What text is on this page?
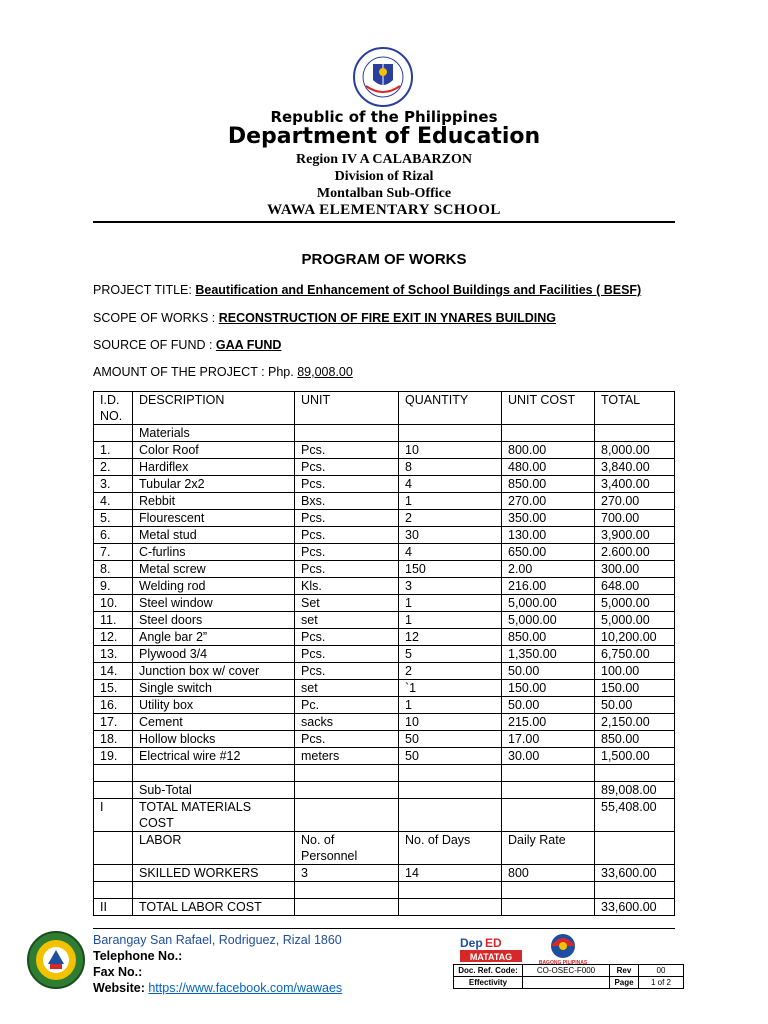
Republic of the Philippines
Department of Education
Region IV A CALABARZON
Division of Rizal
Montalban Sub-Office
WAWA ELEMENTARY SCHOOL
PROGRAM OF WORKS
PROJECT TITLE: Beautification and Enhancement of School Buildings and Facilities ( BESF)
SCOPE OF WORKS : RECONSTRUCTION OF FIRE EXIT IN YNARES BUILDING
SOURCE OF FUND : GAA FUND
AMOUNT OF THE PROJECT : Php. 89,008.00
I.D. NO.	DESCRIPTION	UNIT	QUANTITY	UNIT COST	TOTAL
	Materials				
1.	Color Roof	Pcs.	10	800.00	8,000.00
2.	Hardiflex	Pcs.	8	480.00	3,840.00
3.	Tubular 2x2	Pcs.	4	850.00	3,400.00
4.	Rebbit	Bxs.	1	270.00	270.00
5.	Flourescent	Pcs.	2	350.00	700.00
6.	Metal stud	Pcs.	30	130.00	3,900.00
7.	C-furlins	Pcs.	4	650.00	2.600.00
8.	Metal screw	Pcs.	150	2.00	300.00
9.	Welding rod	Kls.	3	216.00	648.00
10.	Steel window	Set	1	5,000.00	5,000.00
11.	Steel doors	set	1	5,000.00	5,000.00
12.	Angle bar 2”	Pcs.	12	850.00	10,200.00
13.	Plywood 3/4	Pcs.	5	1,350.00	6,750.00
14.	Junction box w/ cover	Pcs.	2	50.00	100.00
15.	Single switch	set	`1	150.00	150.00
16.	Utility box	Pc.	1	50.00	50.00
17.	Cement	sacks	10	215.00	2,150.00
18.	Hollow blocks	Pcs.	50	17.00	850.00
19.	Electrical wire #12	meters	50	30.00	1,500.00

	Sub-Total				89,008.00
I	TOTAL MATERIALS COST				55,408.00
	LABOR	No. of Personnel	No. of Days	Daily Rate	
	SKILLED WORKERS	3	14	800	33,600.00

II	TOTAL LABOR COST				33,600.00
Barangay San Rafael, Rodriguez, Rizal 1860
Telephone No.:
Fax No.:
Website: https://www.facebook.com/wawaes
Dep ED
MATATAG
BAGONG PILIPINAS
Doc. Ref. Code:	CO-OSEC-F000	Rev	00
Effectivity		Page	1 of 2
